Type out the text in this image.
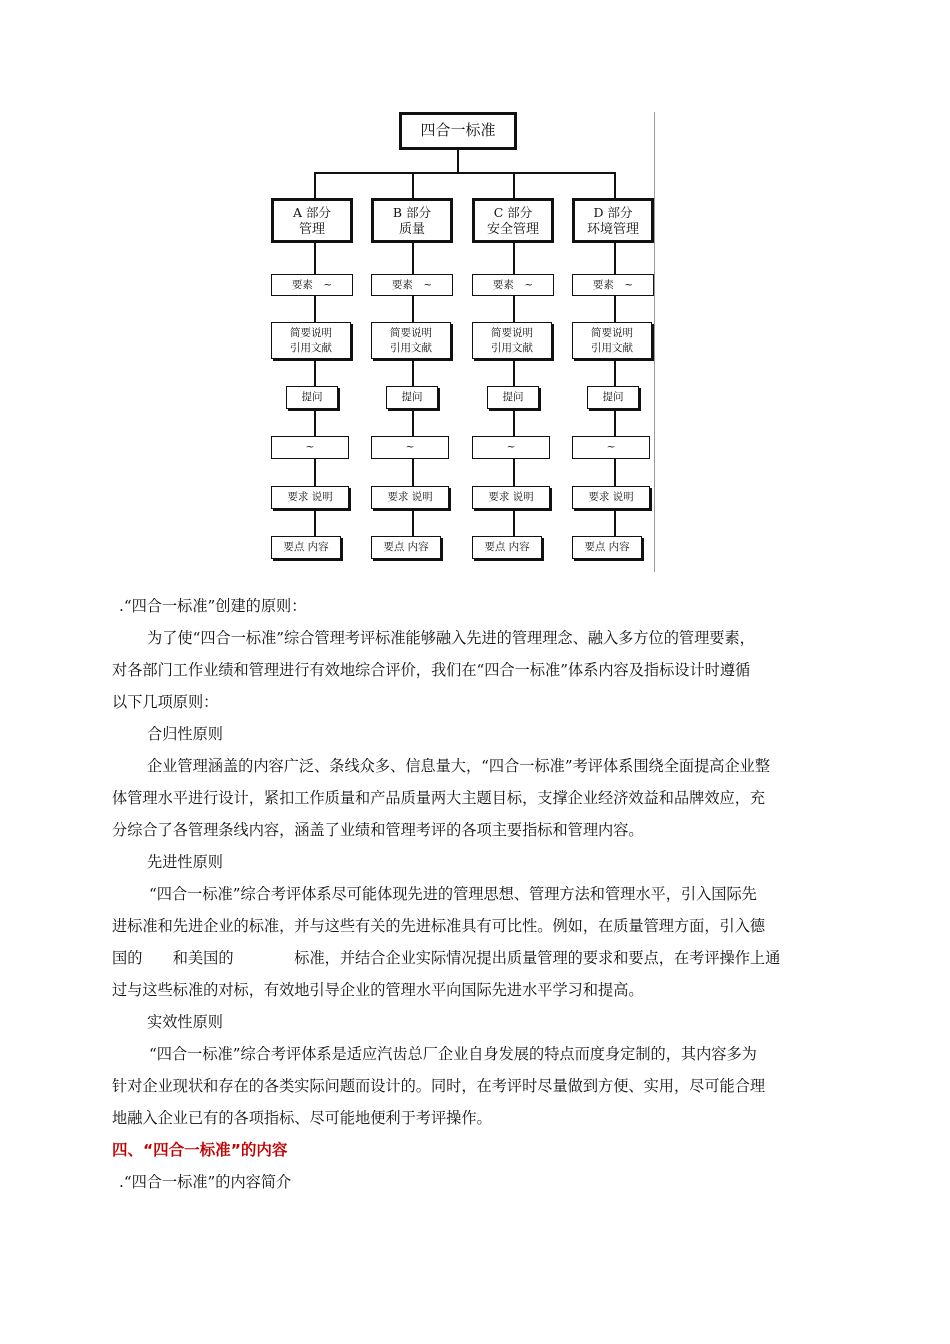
四合一标准
A 部分
管理
要素　~
简要说明
引用文献
提问
~
要求 说明
要点 内容
B 部分
质量
要素　~
简要说明
引用文献
提问
~
要求 说明
要点 内容
C 部分
安全管理
要素　~
简要说明
引用文献
提问
~
要求 说明
要点 内容
D 部分
环境管理
要素　~
简要说明
引用文献
提问
~
要求 说明
要点 内容

.“四合一标准”创建的原则：

为了使“四合一标准”综合管理考评标准能够融入先进的管理理念、融入多方位的管理要素，

对各部门工作业绩和管理进行有效地综合评价，我们在“四合一标准”体系内容及指标设计时遵循

以下几项原则：

合归性原则

企业管理涵盖的内容广泛、条线众多、信息量大，“四合一标准”考评体系围绕全面提高企业整

体管理水平进行设计，紧扣工作质量和产品质量两大主题目标，支撑企业经济效益和品牌效应，充

分综合了各管理条线内容，涵盖了业绩和管理考评的各项主要指标和管理内容。

先进性原则

“四合一标准”综合考评体系尽可能体现先进的管理思想、管理方法和管理水平，引入国际先

进标准和先进企业的标准，并与这些有关的先进标准具有可比性。例如，在质量管理方面，引入德

国的　　和美国的　　　　标准，并结合企业实际情况提出质量管理的要求和要点，在考评操作上通

过与这些标准的对标，有效地引导企业的管理水平向国际先进水平学习和提高。

实效性原则

“四合一标准”综合考评体系是适应汽齿总厂企业自身发展的特点而度身定制的，其内容多为

针对企业现状和存在的各类实际问题而设计的。同时，在考评时尽量做到方便、实用，尽可能合理

地融入企业已有的各项指标、尽可能地便利于考评操作。

四、“四合一标准”的内容

.“四合一标准”的内容简介
